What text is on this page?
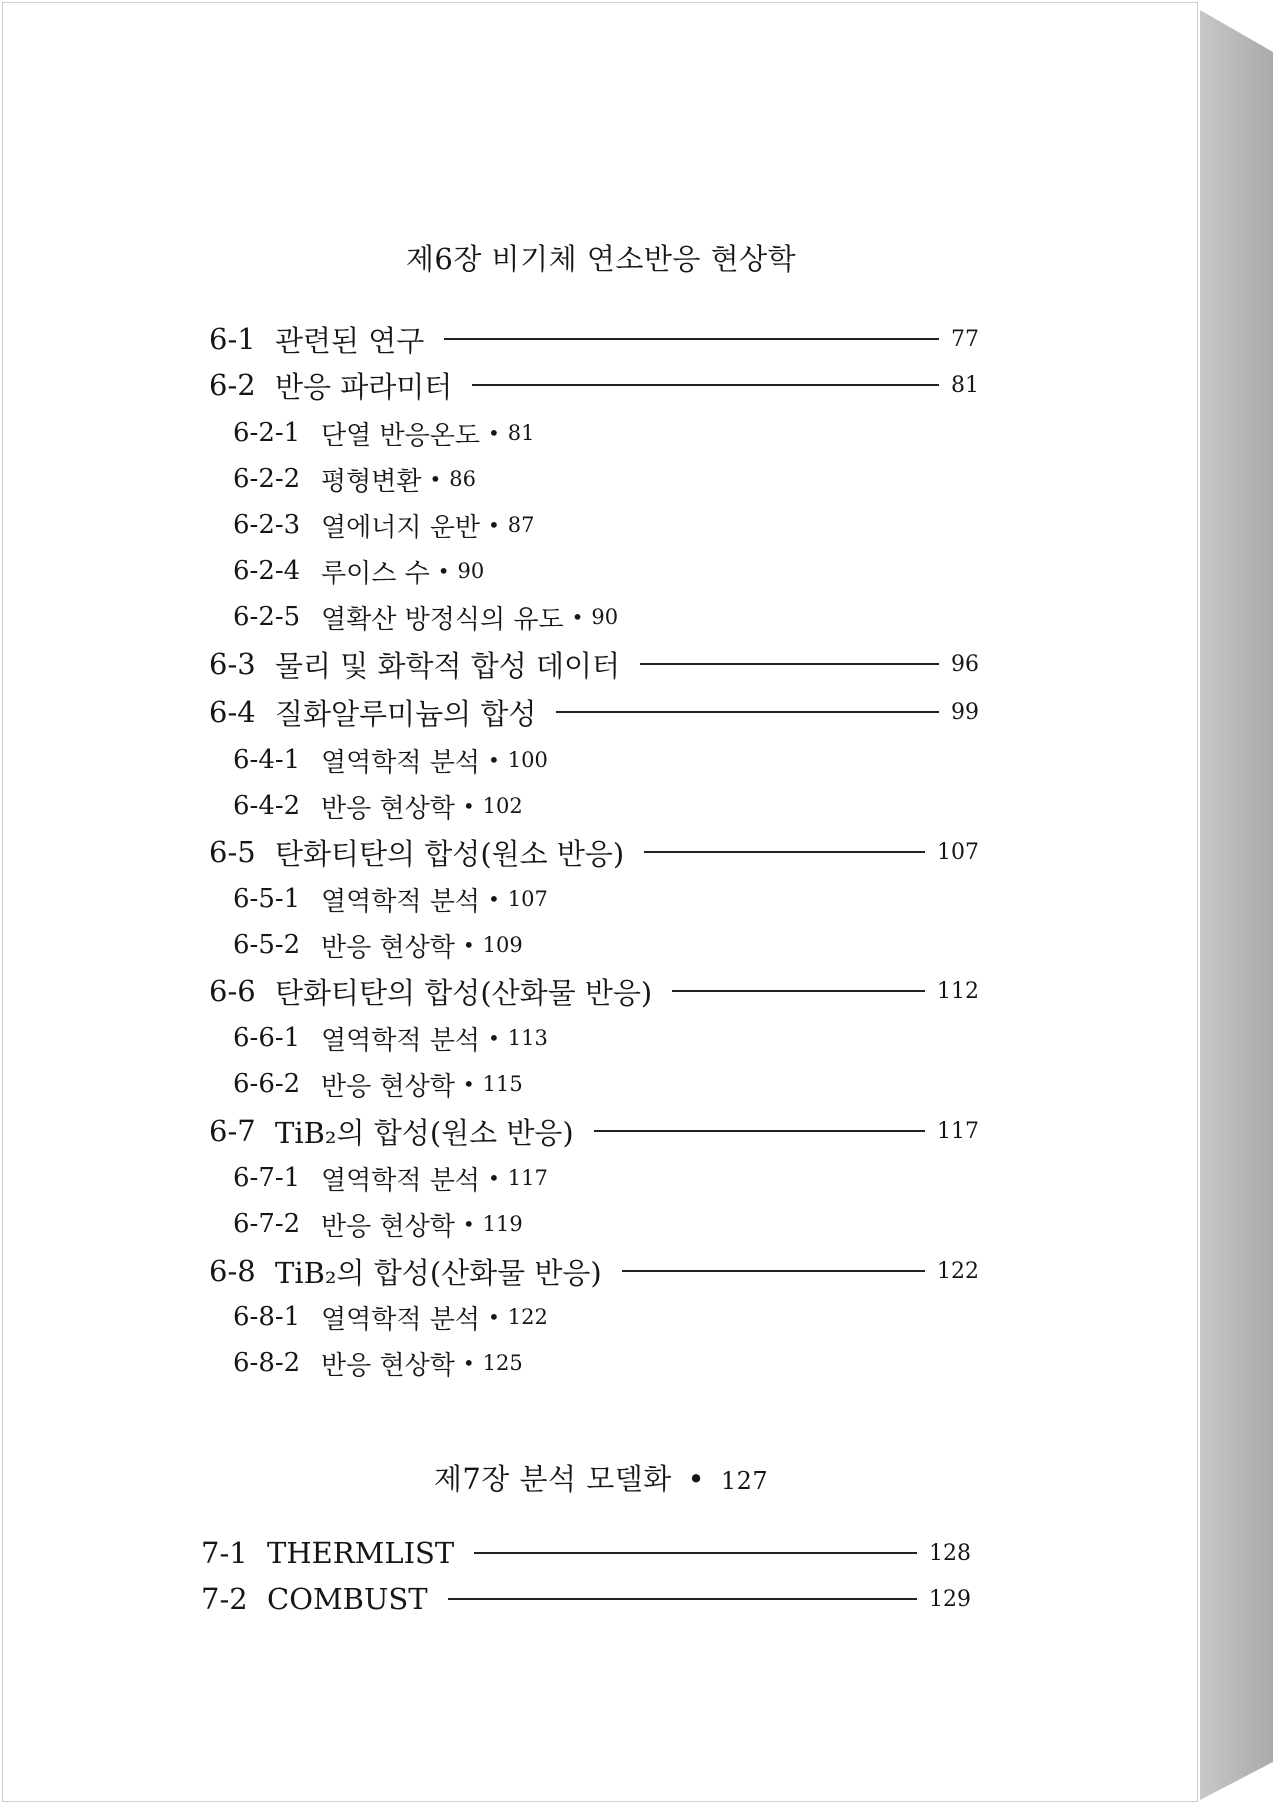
제6장 비기체 연소반응 현상학
6-1 관련된 연구	77
6-2 반응 파라미터	81
6-2-1 단열 반응온도 • 81
6-2-2 평형변환 • 86
6-2-3 열에너지 운반 • 87
6-2-4 루이스 수 • 90
6-2-5 열확산 방정식의 유도 • 90
6-3 물리 및 화학적 합성 데이터	96
6-4 질화알루미늄의 합성	99
6-4-1 열역학적 분석 • 100
6-4-2 반응 현상학 • 102
6-5 탄화티탄의 합성(원소 반응)	107
6-5-1 열역학적 분석 • 107
6-5-2 반응 현상학 • 109
6-6 탄화티탄의 합성(산화물 반응)	112
6-6-1 열역학적 분석 • 113
6-6-2 반응 현상학 • 115
6-7 TiB₂의 합성(원소 반응)	117
6-7-1 열역학적 분석 • 117
6-7-2 반응 현상학 • 119
6-8 TiB₂의 합성(산화물 반응)	122
6-8-1 열역학적 분석 • 122
6-8-2 반응 현상학 • 125
제7장 분석 모델화 • 127
7-1 THERMLIST	128
7-2 COMBUST	129
